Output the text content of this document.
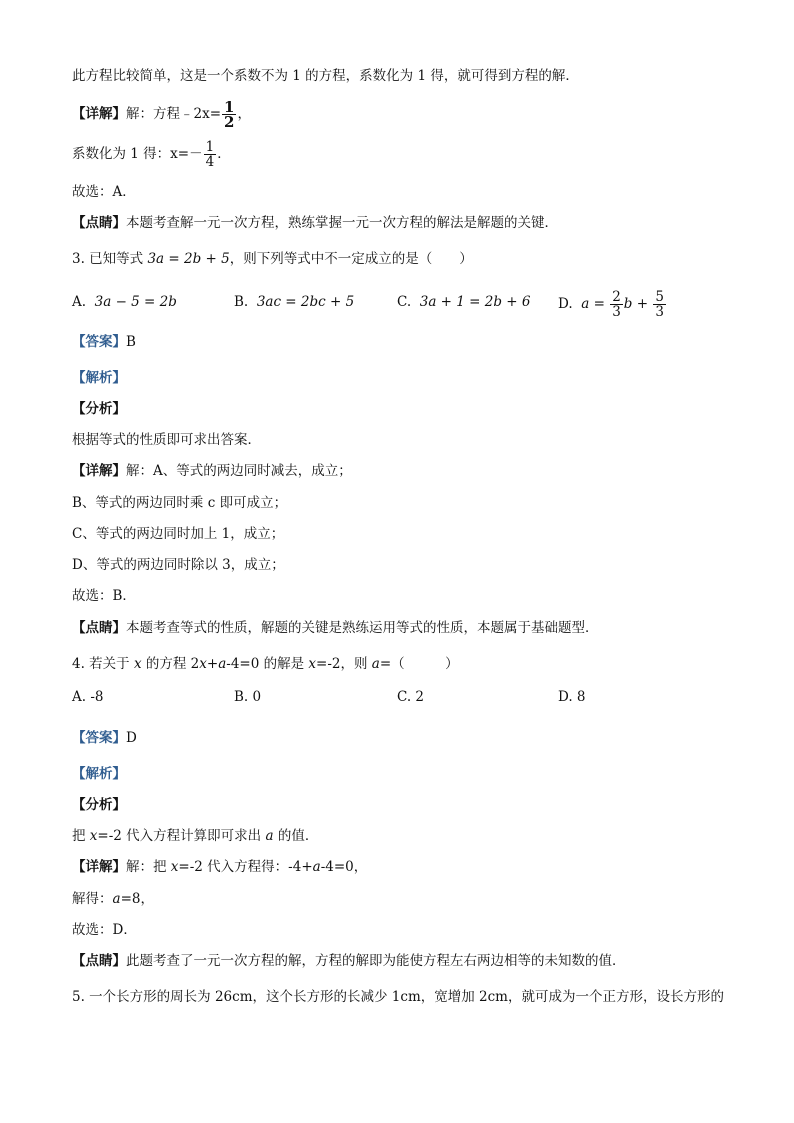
此方程比较简单，这是一个系数不为 1 的方程，系数化为 1 得，就可得到方程的解．
【详解】解：方程﹣2x= $\frac{1}{2}$ ，
系数化为 1 得：$x=- \frac{1}{4}$ ．
故选：A．
【点睛】本题考查解一元一次方程，熟练掌握一元一次方程的解法是解题的关键．
3. 已知等式 3a = 2b + 5，则下列等式中不一定成立的是（　　）
A. 3a − 5 = 2b	B. 3ac = 2bc + 5	C. 3a + 1 = 2b + 6 D. $a = \frac{2}{3}$ $b + \frac{5}{3}$
【答案】B
【解析】
【分析】
根据等式的性质即可求出答案．
【详解】解：A、等式的两边同时减去，成立；
B、等式的两边同时乘 c 即可成立；
C、等式的两边同时加上 1，成立；
D、等式的两边同时除以 3，成立；
故选：B．
【点睛】本题考查等式的性质，解题的关键是熟练运用等式的性质，本题属于基础题型．
4. 若关于 x 的方程 2x+a-4=0 的解是 x=-2，则 a=（　　　）
A. -8	B. 0	C. 2	D. 8
【答案】D
【解析】
【分析】
把 x=-2 代入方程计算即可求出 a 的值．
【详解】解：把 x=-2 代入方程得：-4+a-4=0，
解得：a=8，
故选：D．
【点睛】此题考查了一元一次方程的解，方程的解即为能使方程左右两边相等的未知数的值．
5. 一个长方形的周长为 26cm，这个长方形的长减少 1cm，宽增加 2cm，就可成为一个正方形，设长方形的
